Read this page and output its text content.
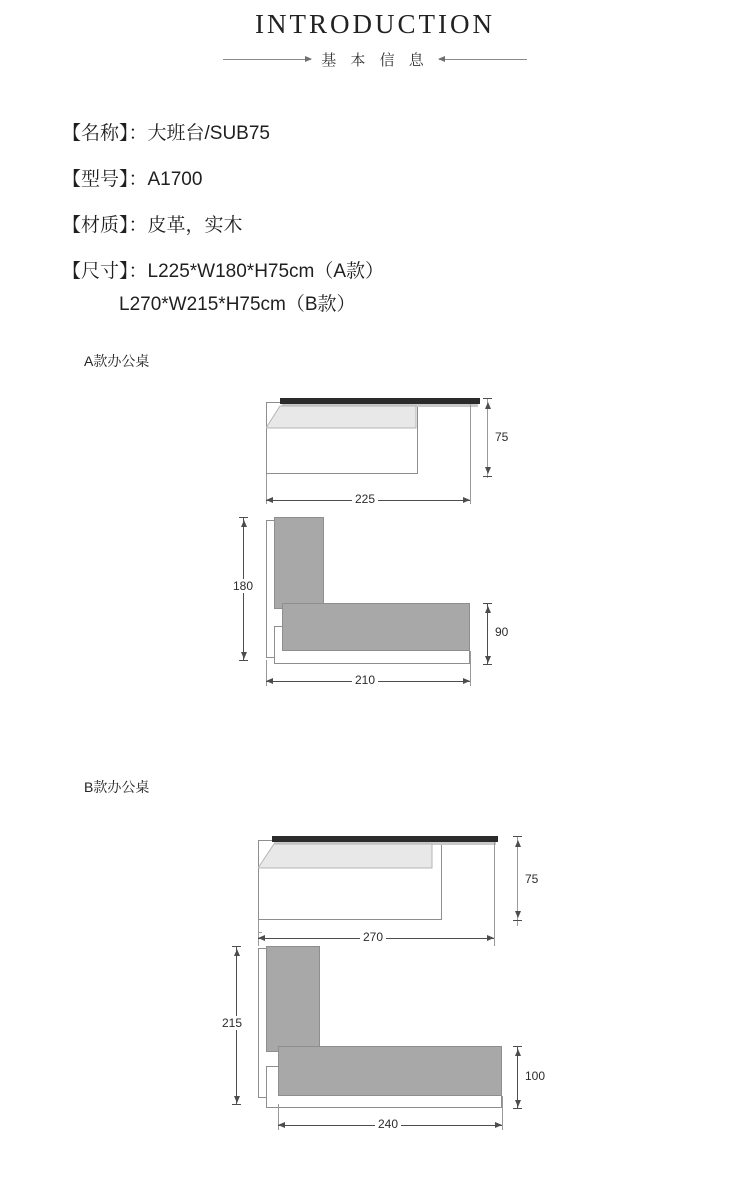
INTRODUCTION
基 本 信 息
【名称】：大班台/SUB75
【型号】：A1700
【材质】：皮革，实木
【尺寸】：L225*W180*H75cm（A款）
L270*W215*H75cm（B款）
A款办公桌
75
225
180
90
210
B款办公桌
75
270
215
100
240
